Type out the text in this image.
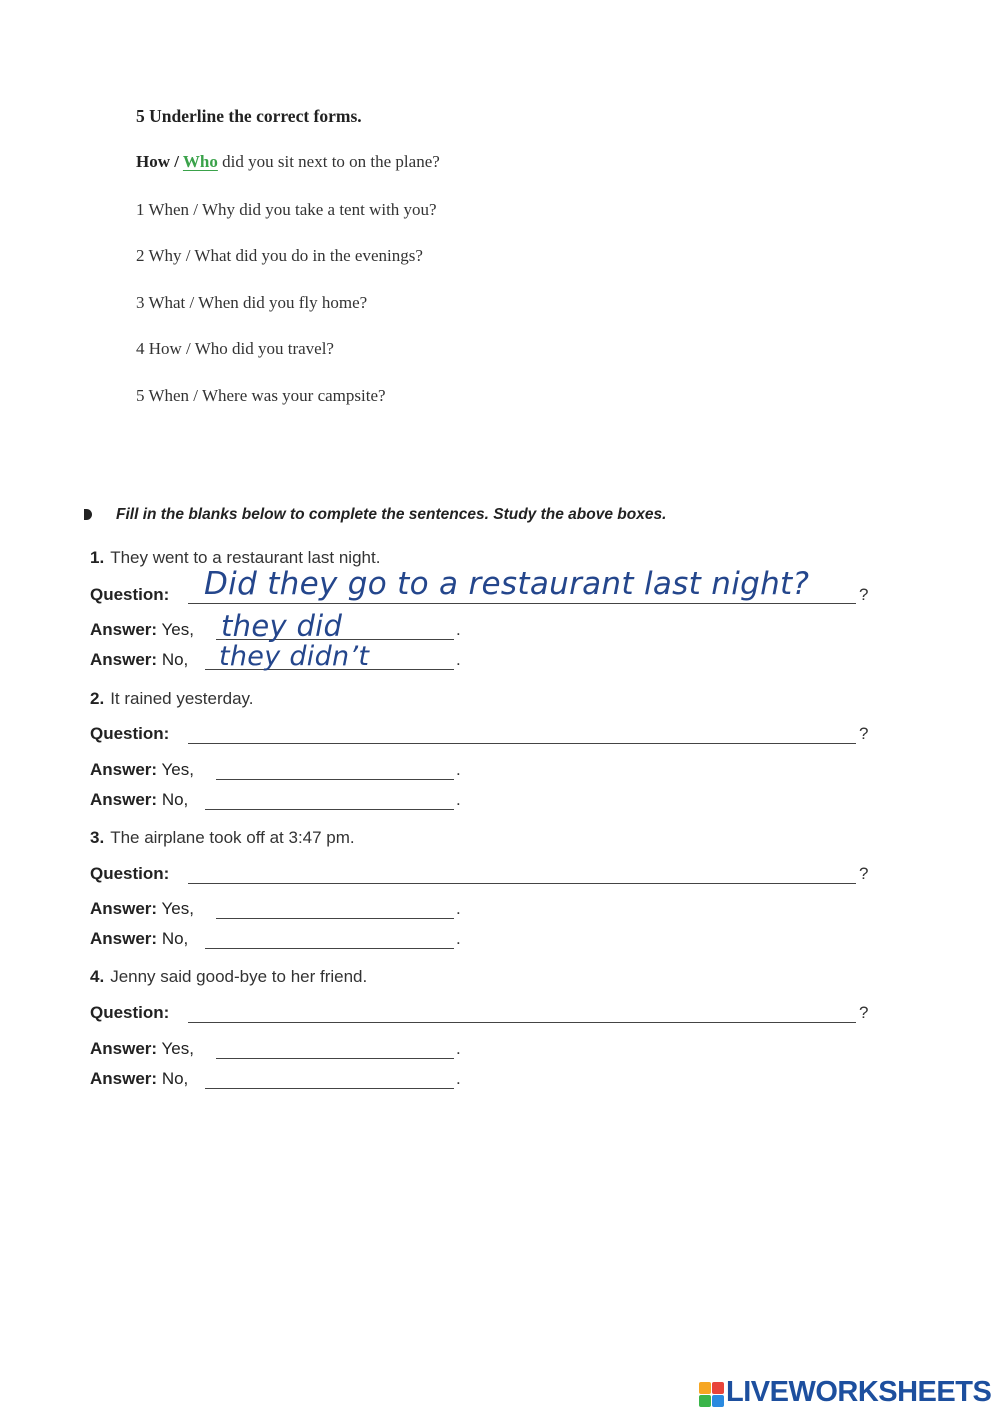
5 Underline the correct forms.

How / Who did you sit next to on the plane?
1 When / Why did you take a tent with you?
2 Why / What did you do in the evenings?
3 What / When did you fly home?
4 How / Who did you travel?
5 When / Where was your campsite?
Fill in the blanks below to complete the sentences. Study the above boxes.
1. They went to a restaurant last night.
Question: Did they go to a restaurant last night?	?
Answer: Yes, they did	.
Answer: No, they didn’t	.
2. It rained yesterday.
Question:	?
Answer: Yes,	.
Answer: No,	.
3. The airplane took off at 3:47 pm.
Question:	?
Answer: Yes,	.
Answer: No,	.
4. Jenny said good-bye to her friend.
Question:	?
Answer: Yes,	.
Answer: No,	.
LIVEWORKSHEETS
